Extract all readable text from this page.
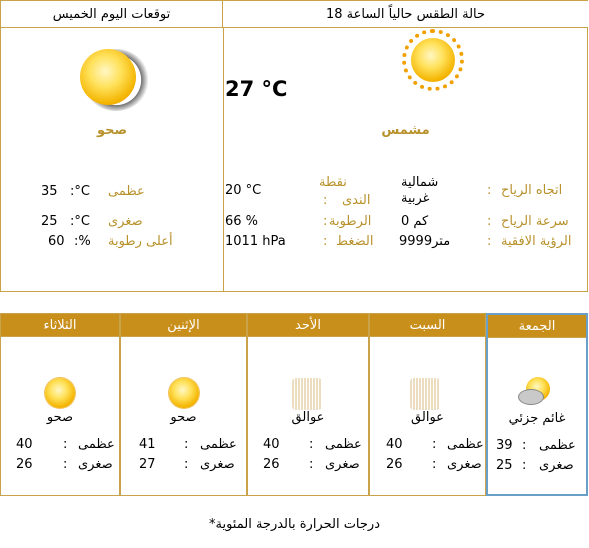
توقعات اليوم الخميس	حالة الطقس حالياً الساعة 18
صحو
35 :°C عظمى
25 :°C صغرى
60 :% أعلى رطوبة
27 °C
مشمس
اتجاه الرياح
:
شمالية
غربية
نقطة
الندى
:
20 °C
سرعة الرياح
:
0 كم
الرطوبة
:
66 %
الرؤية الافقية
:
9999متر
الضغط
:
1011 hPa
الثلاثاء
صحو
40 : عظمى
26 : صغرى
الإثنين
صحو
41 : عظمى
27 : صغرى
الأحد
عوالق
40 : عظمى
26 : صغرى
السبت
عوالق
40 : عظمى
26 : صغرى
الجمعة
غائم جزئي
39 : عظمى
25 : صغرى
*درجات الحرارة بالدرجة المئوية
